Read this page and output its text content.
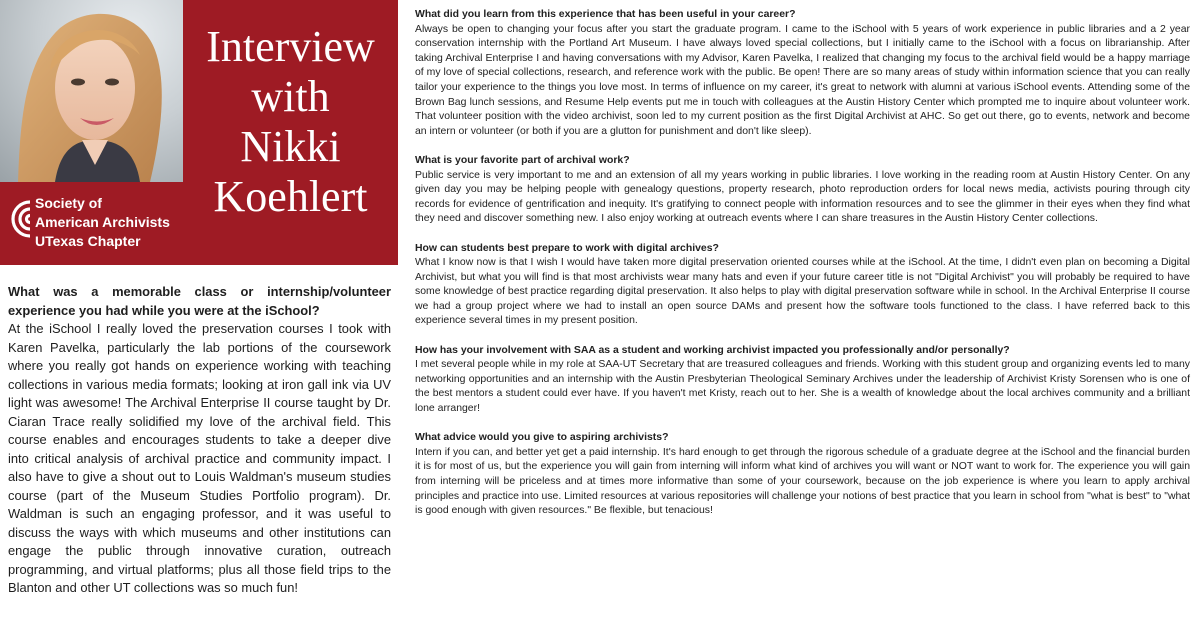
Interview
with
Nikki
Koehlert
Society of
American Archivists
UTexas Chapter
What was a memorable class or internship/volunteer experience you had while you were at the iSchool?
At the iSchool I really loved the preservation courses I took with Karen Pavelka, particularly the lab portions of the coursework where you really got hands on experience working with teaching collections in various media formats; looking at iron gall ink via UV light was awesome! The Archival Enterprise II course taught by Dr. Ciaran Trace really solidified my love of the archival field. This course enables and encourages students to take a deeper dive into critical analysis of archival practice and community impact. I also have to give a shout out to Louis Waldman's museum studies course (part of the Museum Studies Portfolio program). Dr. Waldman is such an engaging professor, and it was useful to discuss the ways with which museums and other institutions can engage the public through innovative curation, outreach programming, and virtual platforms; plus all those field trips to the Blanton and other UT collections was so much fun!
What did you learn from this experience that has been useful in your career?
Always be open to changing your focus after you start the graduate program. I came to the iSchool with 5 years of work experience in public libraries and a 2 year conservation internship with the Portland Art Museum. I have always loved special collections, but I initially came to the iSchool with a focus on librarianship. After taking Archival Enterprise I and having conversations with my Advisor, Karen Pavelka, I realized that changing my focus to the archival field would be a happy marriage of my love of special collections, research, and reference work with the public. Be open! There are so many areas of study within information science that you can really tailor your experience to the things you love most. In terms of influence on my career, it's great to network with alumni at various iSchool events. Attending some of the Brown Bag lunch sessions, and Resume Help events put me in touch with colleagues at the Austin History Center which prompted me to inquire about volunteer work. That volunteer position with the video archivist, soon led to my current position as the first Digital Archivist at AHC. So get out there, go to events, network and become an intern or volunteer (or both if you are a glutton for punishment and don't like sleep).
What is your favorite part of archival work?
Public service is very important to me and an extension of all my years working in public libraries. I love working in the reading room at Austin History Center. On any given day you may be helping people with genealogy questions, property research, photo reproduction orders for local news media, activists pouring through city records for evidence of gentrification and inequity. It's gratifying to connect people with information resources and to see the glimmer in their eyes when they find what they need and discover something new. I also enjoy working at outreach events where I can share treasures in the Austin History Center collections.
How can students best prepare to work with digital archives?
What I know now is that I wish I would have taken more digital preservation oriented courses while at the iSchool. At the time, I didn't even plan on becoming a Digital Archivist, but what you will find is that most archivists wear many hats and even if your future career title is not "Digital Archivist" you will probably be required to have some knowledge of best practice regarding digital preservation. It also helps to play with digital preservation software while in school. In the Archival Enterprise II course we had a group project where we had to install an open source DAMs and present how the software tools functioned to the class. I have referred back to this experience several times in my present position.
How has your involvement with SAA as a student and working archivist impacted you professionally and/or personally?
I met several people while in my role at SAA-UT Secretary that are treasured colleagues and friends. Working with this student group and organizing events led to many networking opportunities and an internship with the Austin Presbyterian Theological Seminary Archives under the leadership of Archivist Kristy Sorensen who is one of the best mentors a student could ever have. If you haven't met Kristy, reach out to her. She is a wealth of knowledge about the local archives community and a brilliant lone arranger!
What advice would you give to aspiring archivists?
Intern if you can, and better yet get a paid internship. It's hard enough to get through the rigorous schedule of a graduate degree at the iSchool and the financial burden it is for most of us, but the experience you will gain from interning will inform what kind of archives you will want or NOT want to work for. The experience you will gain from interning will be priceless and at times more informative than some of your coursework, because on the job experience is where you learn to apply archival principles and practice into use. Limited resources at various repositories will challenge your notions of best practice that you learn in school from "what is best" to "what is good enough with given resources." Be flexible, but tenacious!
